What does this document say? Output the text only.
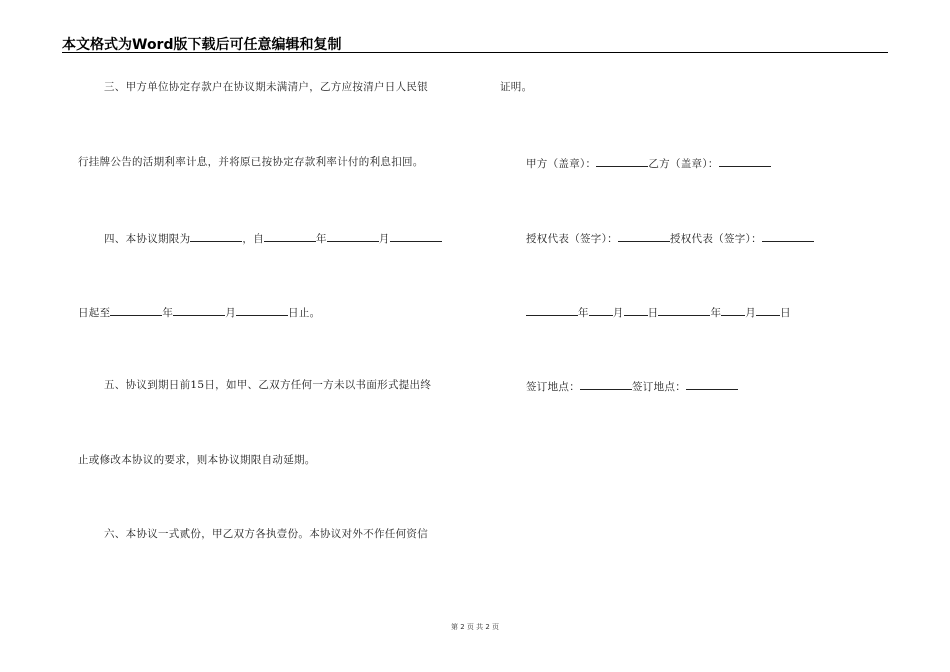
本文格式为Word版下载后可任意编辑和复制
三、甲方单位协定存款户在协议期未满清户，乙方应按清户日人民银
行挂牌公告的活期利率计息，并将原已按协定存款利率计付的利息扣回。
四、本协议期限为	，自	年	月
日起至	年	月	日止。
五、协议到期日前15日，如甲、乙双方任何一方未以书面形式提出终
止或修改本协议的要求，则本协议期限自动延期。
六、本协议一式贰份，甲乙双方各执壹份。本协议对外不作任何资信
证明。
甲方（盖章）：	乙方（盖章）：
授权代表（签字）：	授权代表（签字）：
年 月 日	年 月 日
签订地点：	签订地点：
第 2 页 共 2 页
